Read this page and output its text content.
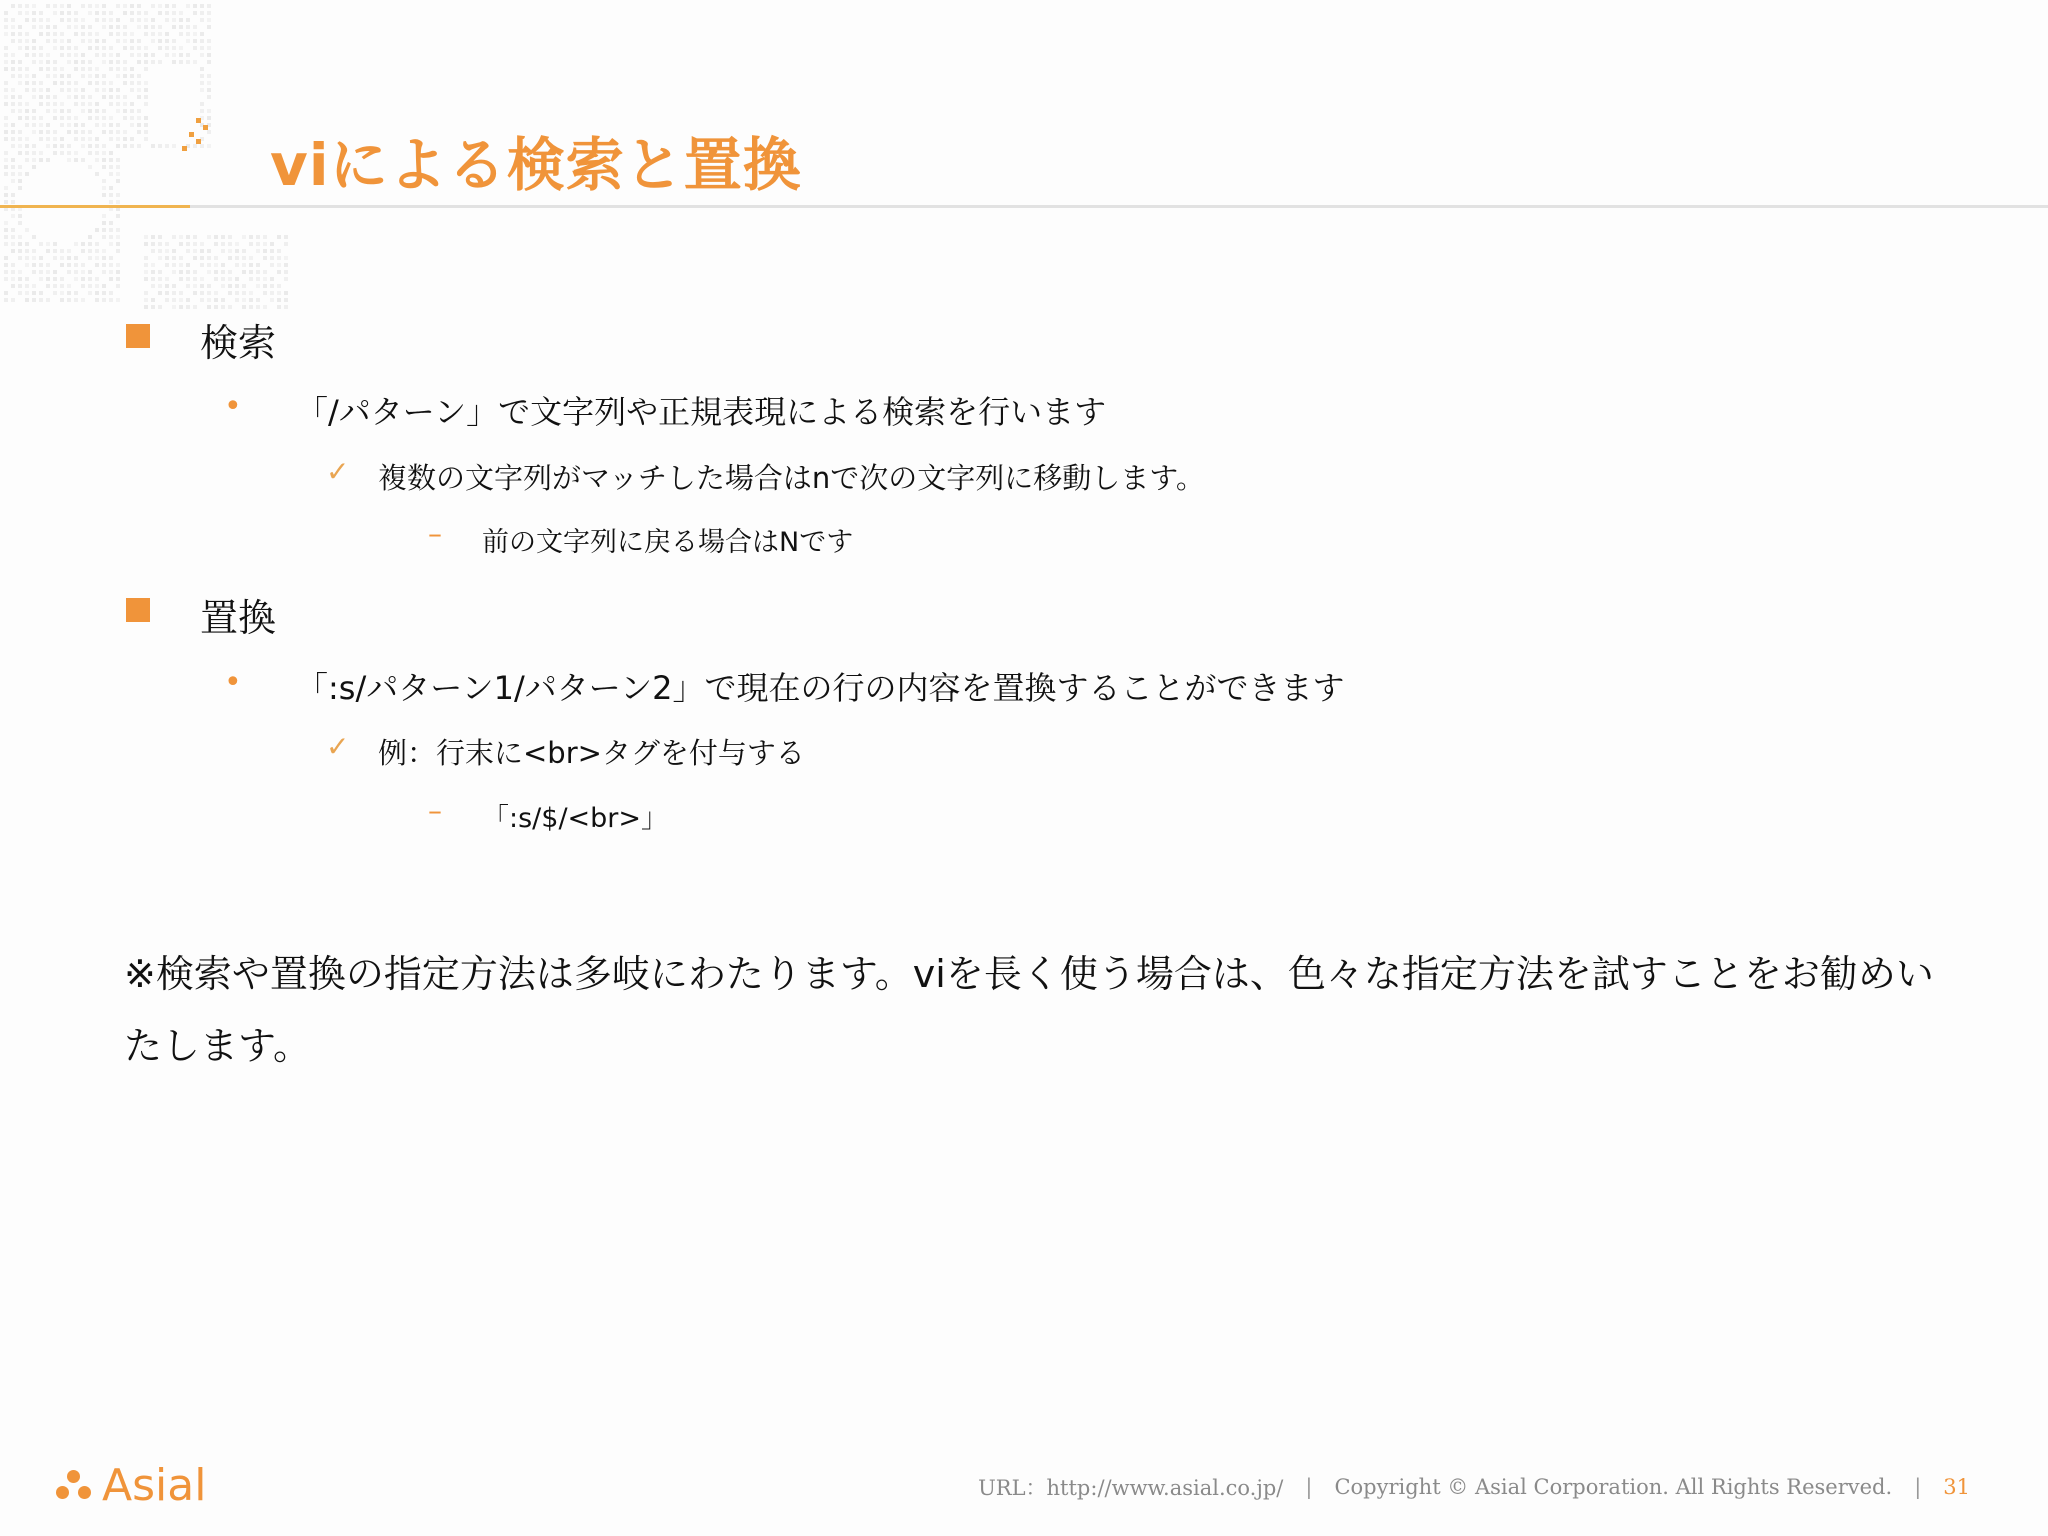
viによる検索と置換
検索
• 「/パターン」で文字列や正規表現による検索を行います
✓ 複数の文字列がマッチした場合はnで次の文字列に移動します。
– 前の文字列に戻る場合はNです
置換
• 「:s/パターン1/パターン2」で現在の行の内容を置換することができます
✓ 例：行末に<br>タグを付与する
– 「:s/$/<br>」
※検索や置換の指定方法は多岐にわたります。viを長く使う場合は、色々な指定方法を試すことをお勧めいたします。
Asial	URL：http://www.asial.co.jp/ | Copyright © Asial Corporation. All Rights Reserved. | 31
